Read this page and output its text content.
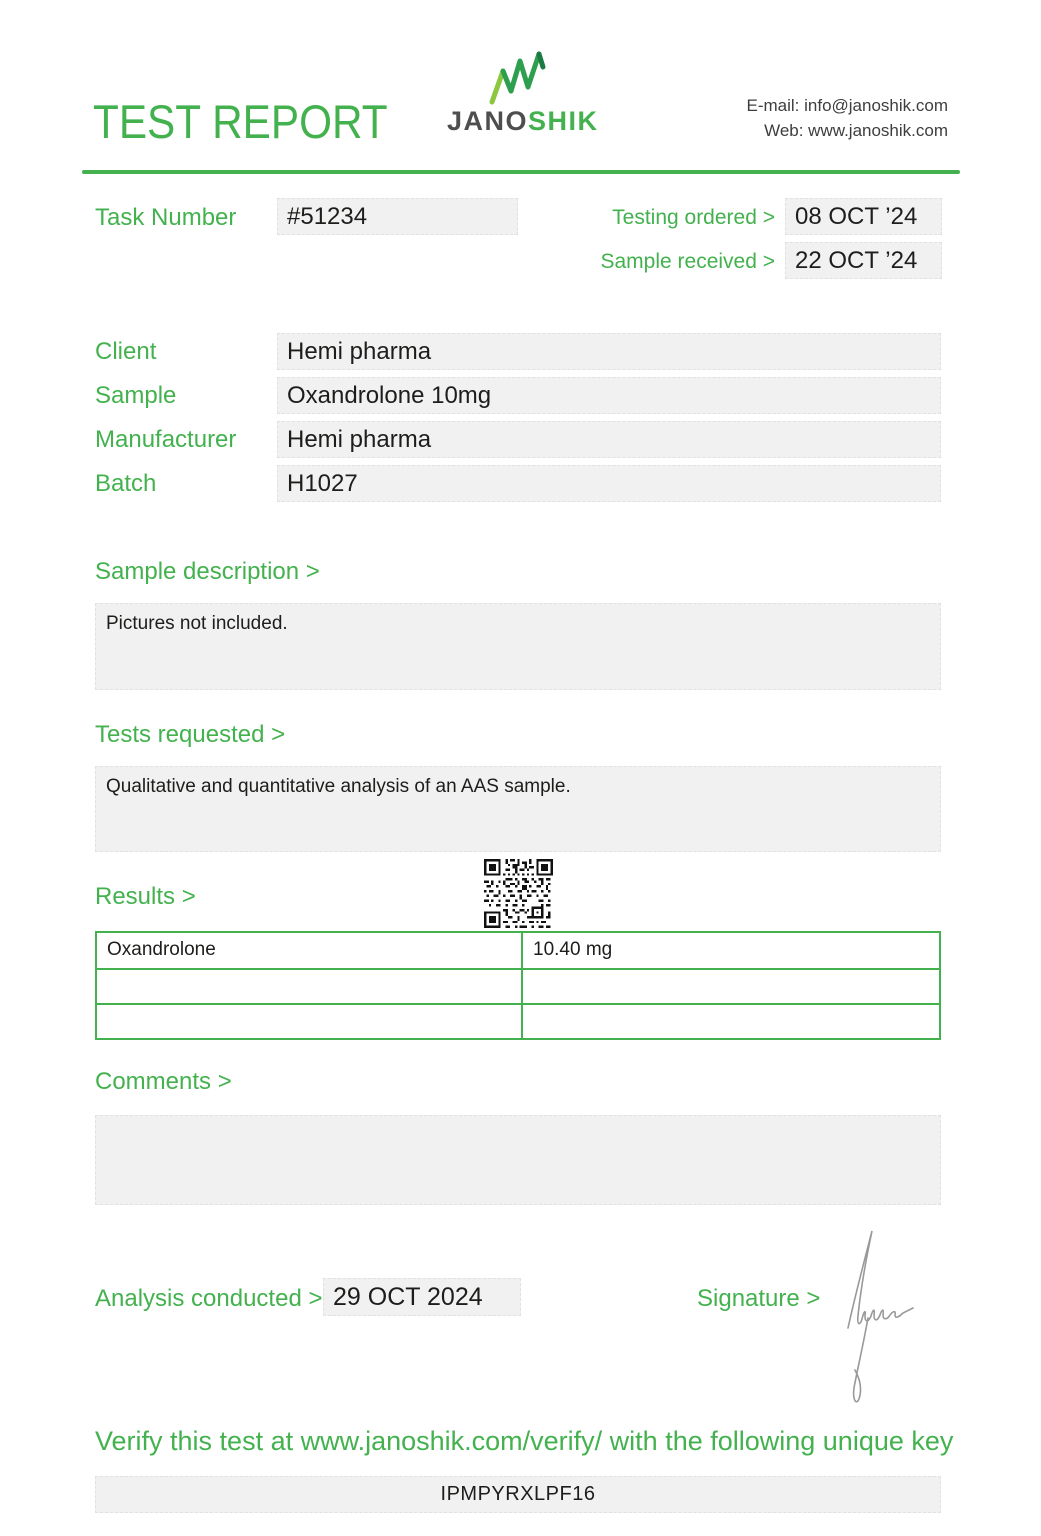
TEST REPORT JANOSHIK
E-mail: info@janoshik.com
Web: www.janoshik.com
Task Number	#51234	Testing ordered > 08 OCT ’24
Sample received > 22 OCT ’24
Client	Hemi pharma
Sample	Oxandrolone 10mg
Manufacturer	Hemi pharma
Batch	H1027
Sample description >
Pictures not included.
Tests requested >
Qualitative and quantitative analysis of an AAS sample.
Results >
Oxandrolone	10.40 mg
Comments >
Analysis conducted > 29 OCT 2024	Signature >
Verify this test at www.janoshik.com/verify/ with the following unique key
IPMPYRXLPF16
